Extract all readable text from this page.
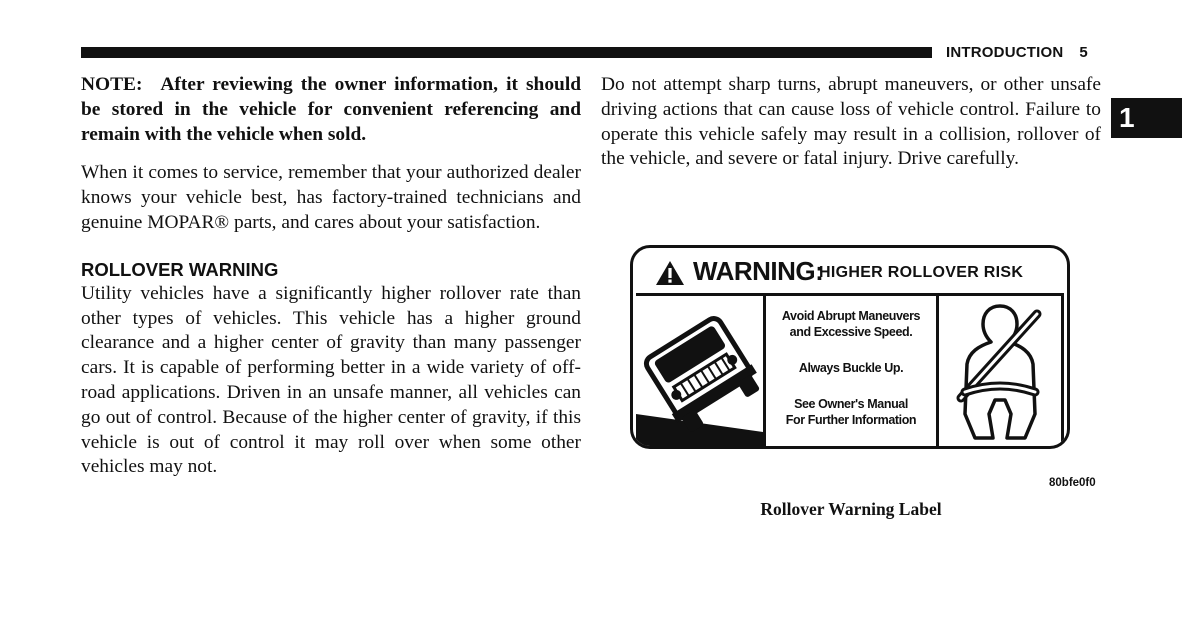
INTRODUCTION 5
1

NOTE: After reviewing the owner information, it should be stored in the vehicle for convenient referencing and remain with the vehicle when sold.

When it comes to service, remember that your authorized dealer knows your vehicle best, has factory-trained technicians and genuine MOPAR® parts, and cares about your satisfaction.

ROLLOVER WARNING

Utility vehicles have a significantly higher rollover rate than other types of vehicles. This vehicle has a higher ground clearance and a higher center of gravity than many passenger cars. It is capable of performing better in a wide variety of off-road applications. Driven in an unsafe manner, all vehicles can go out of control. Because of the higher center of gravity, if this vehicle is out of control it may roll over when some other vehicles may not.

Do not attempt sharp turns, abrupt maneuvers, or other unsafe driving actions that can cause loss of vehicle control. Failure to operate this vehicle safely may result in a collision, rollover of the vehicle, and severe or fatal injury. Drive carefully.

WARNING:
HIGHER ROLLOVER RISK
Avoid Abrupt Maneuvers
and Excessive Speed.
Always Buckle Up.
See Owner's Manual
For Further Information
80bfe0f0
Rollover Warning Label
